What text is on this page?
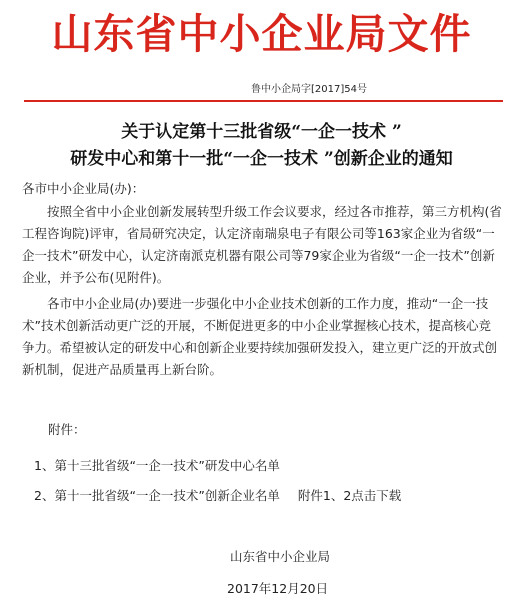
山东省中小企业局文件
鲁中小企局字[2017]54号
关于认定第十三批省级“一企一技术 ”
研发中心和第十一批“一企一技术 ”创新企业的通知
各市中小企业局(办)：
按照全省中小企业创新发展转型升级工作会议要求，经过各市推荐，第三方机构(省工程咨询院)评审，省局研究决定，认定济南瑞泉电子有限公司等163家企业为省级“一企一技术”研发中心，认定济南派克机器有限公司等79家企业为省级“一企一技术”创新企业，并予公布(见附件)。
各市中小企业局(办)要进一步强化中小企业技术创新的工作力度，推动“一企一技术”技术创新活动更广泛的开展，不断促进更多的中小企业掌握核心技术，提高核心竞争力。希望被认定的研发中心和创新企业要持续加强研发投入，建立更广泛的开放式创新机制，促进产品质量再上新台阶。
附件：
1、第十三批省级“一企一技术”研发中心名单
2、第十一批省级“一企一技术”创新企业名单 附件1、2点击下载
山东省中小企业局
2017年12月20日
